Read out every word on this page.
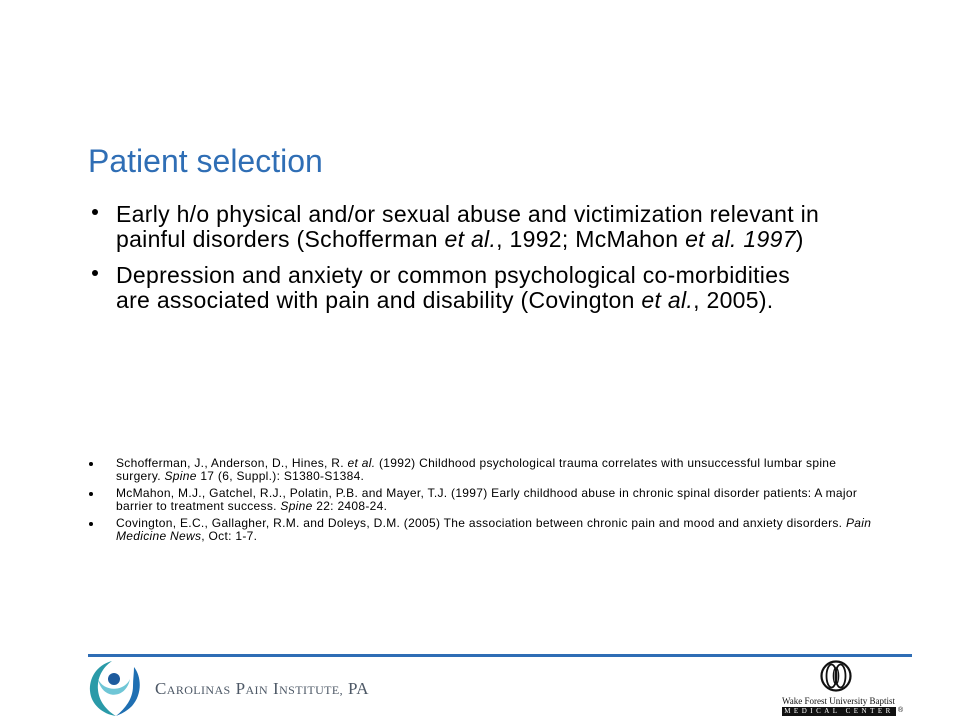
Patient selection
Early h/o physical and/or sexual abuse and victimization relevant in
painful disorders (Schofferman et al., 1992; McMahon et al. 1997)
Depression and anxiety or common psychological co-morbidities
are associated with pain and disability (Covington et al., 2005).
Schofferman, J., Anderson, D., Hines, R. et al. (1992) Childhood psychological trauma correlates with unsuccessful lumbar spine
surgery. Spine 17 (6, Suppl.): S1380-S1384.
McMahon, M.J., Gatchel, R.J., Polatin, P.B. and Mayer, T.J. (1997) Early childhood abuse in chronic spinal disorder patients: A major
barrier to treatment success. Spine 22: 2408-24.
Covington, E.C., Gallagher, R.M. and Doleys, D.M. (2005) The association between chronic pain and mood and anxiety disorders. Pain
Medicine News, Oct: 1-7.
CAROLINAS PAIN INSTITUTE, PA
Wake Forest University Baptist
MEDICAL CENTER ®
